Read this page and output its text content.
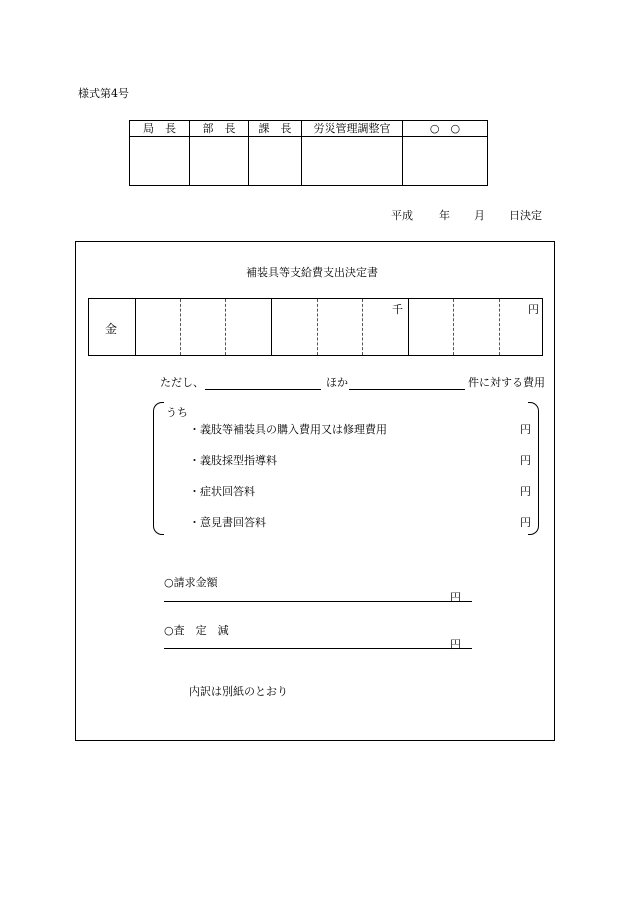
様式第4号
局　長	部　長	課　長	労災管理調整官	○　○

平成 年 月 日決定
補装具等支給費支出決定書
金
千	円
ただし、	ほか	件に対する費用
うち
・義肢等補装具の購入費用又は修理費用	円
・義肢採型指導料	円
・症状回答料	円
・意見書回答料	円
○請求金額
円
○査　定　減
円
内訳は別紙のとおり
